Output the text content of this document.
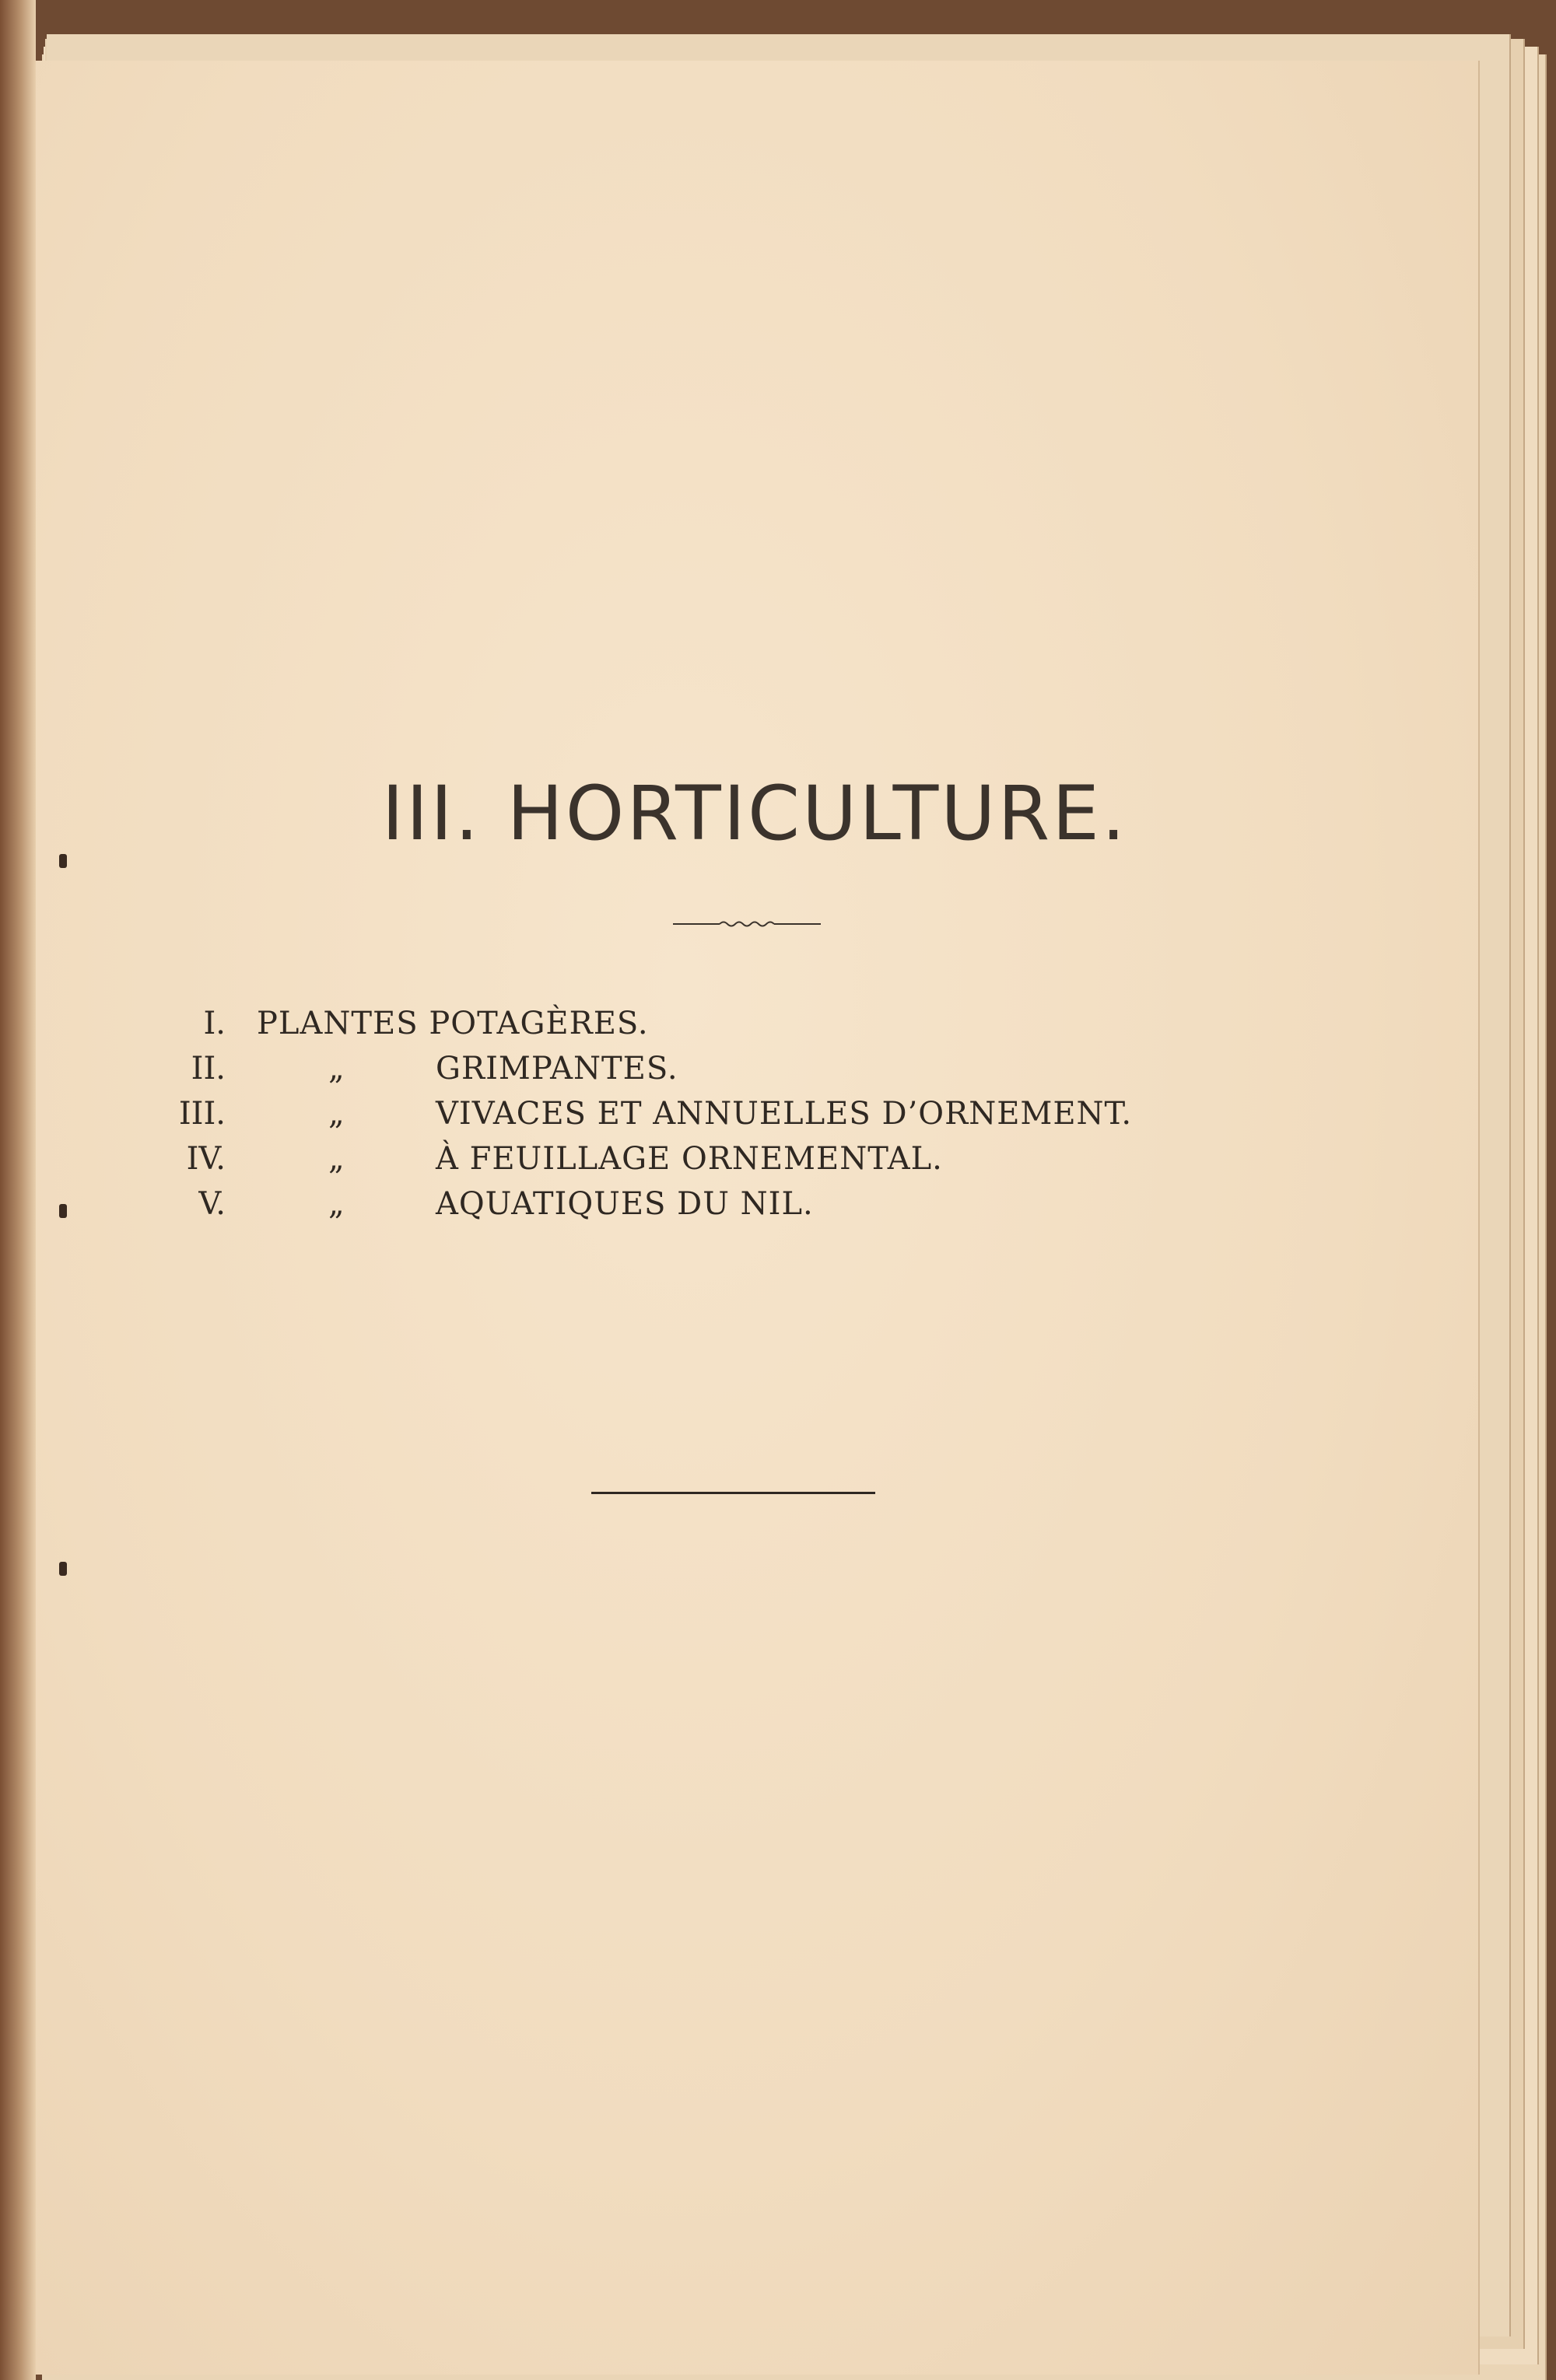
III. HORTICULTURE.
I. PLANTES POTAGÈRES.
II.	„	GRIMPANTES.
III.	„	VIVACES ET ANNUELLES D’ORNEMENT.
IV.	„	À FEUILLAGE ORNEMENTAL.
V.	„	AQUATIQUES DU NIL.
